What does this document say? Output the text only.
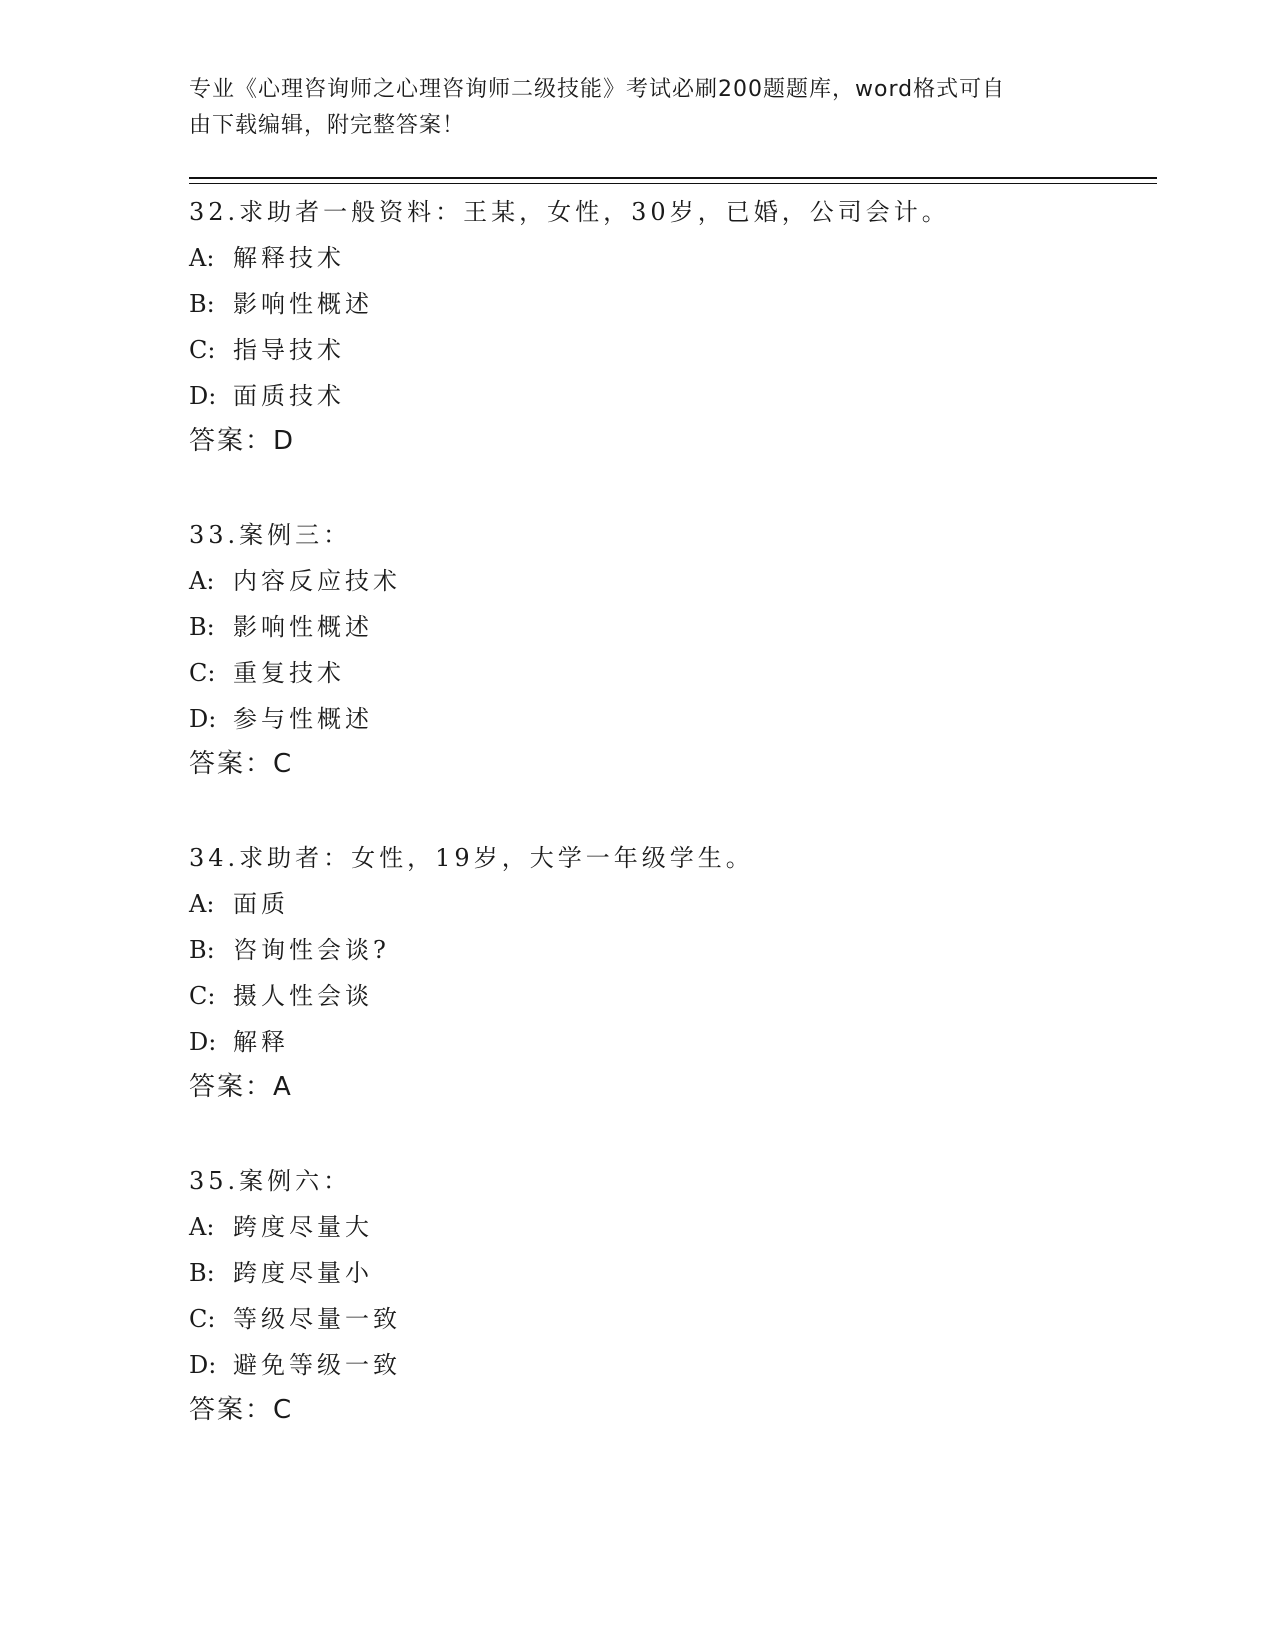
专业《心理咨询师之心理咨询师二级技能》考试必刷200题题库，word格式可自
由下载编辑，附完整答案！
32.求助者一般资料：王某，女性，30岁，已婚，公司会计。
A: 解释技术
B: 影响性概述
C: 指导技术
D: 面质技术
答案：D
33.案例三：
A: 内容反应技术
B: 影响性概述
C: 重复技术
D: 参与性概述
答案：C
34.求助者：女性，19岁，大学一年级学生。
A: 面质
B: 咨询性会谈?
C: 摄人性会谈
D: 解释
答案：A
35.案例六：
A: 跨度尽量大
B: 跨度尽量小
C: 等级尽量一致
D: 避免等级一致
答案：C
